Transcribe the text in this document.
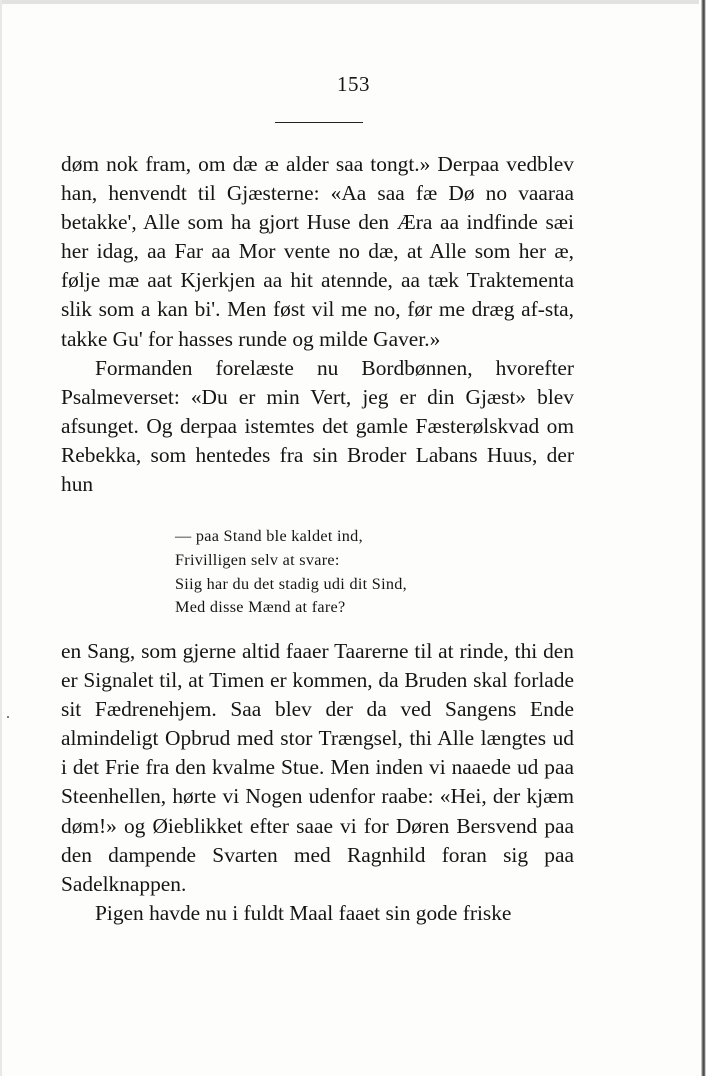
153

døm nok fram, om dæ æ alder saa tongt.» Derpaa vedblev han, henvendt til Gjæsterne: «Aa saa fæ Dø no vaaraa betakke', Alle som ha gjort Huse den Æra aa indfinde sæi her idag, aa Far aa Mor vente no dæ, at Alle som her æ, følje mæ aat Kjerkjen aa hit atennde, aa tæk Traktementa slik som a kan bi'. Men føst vil me no, før me dræg af-sta, takke Gu' for hasses runde og milde Gaver.»

Formanden forelæste nu Bordbønnen, hvorefter Psalmeverset: «Du er min Vert, jeg er din Gjæst» blev afsunget. Og derpaa istemtes det gamle Fæsterølskvad om Rebekka, som hentedes fra sin Broder Labans Huus, der hun

— paa Stand ble kaldet ind,
Frivilligen selv at svare:
Siig har du det stadig udi dit Sind,
Med disse Mænd at fare?

en Sang, som gjerne altid faaer Taarerne til at rinde, thi den er Signalet til, at Timen er kommen, da Bruden skal forlade sit Fædrenehjem. Saa blev der da ved Sangens Ende almindeligt Opbrud med stor Trængsel, thi Alle længtes ud i det Frie fra den kvalme Stue. Men inden vi naaede ud paa Steenhellen, hørte vi Nogen udenfor raabe: «Hei, der kjæm døm!» og Øieblikket efter saae vi for Døren Bersvend paa den dampende Svarten med Ragnhild foran sig paa Sadelknappen.

Pigen havde nu i fuldt Maal faaet sin gode friske
